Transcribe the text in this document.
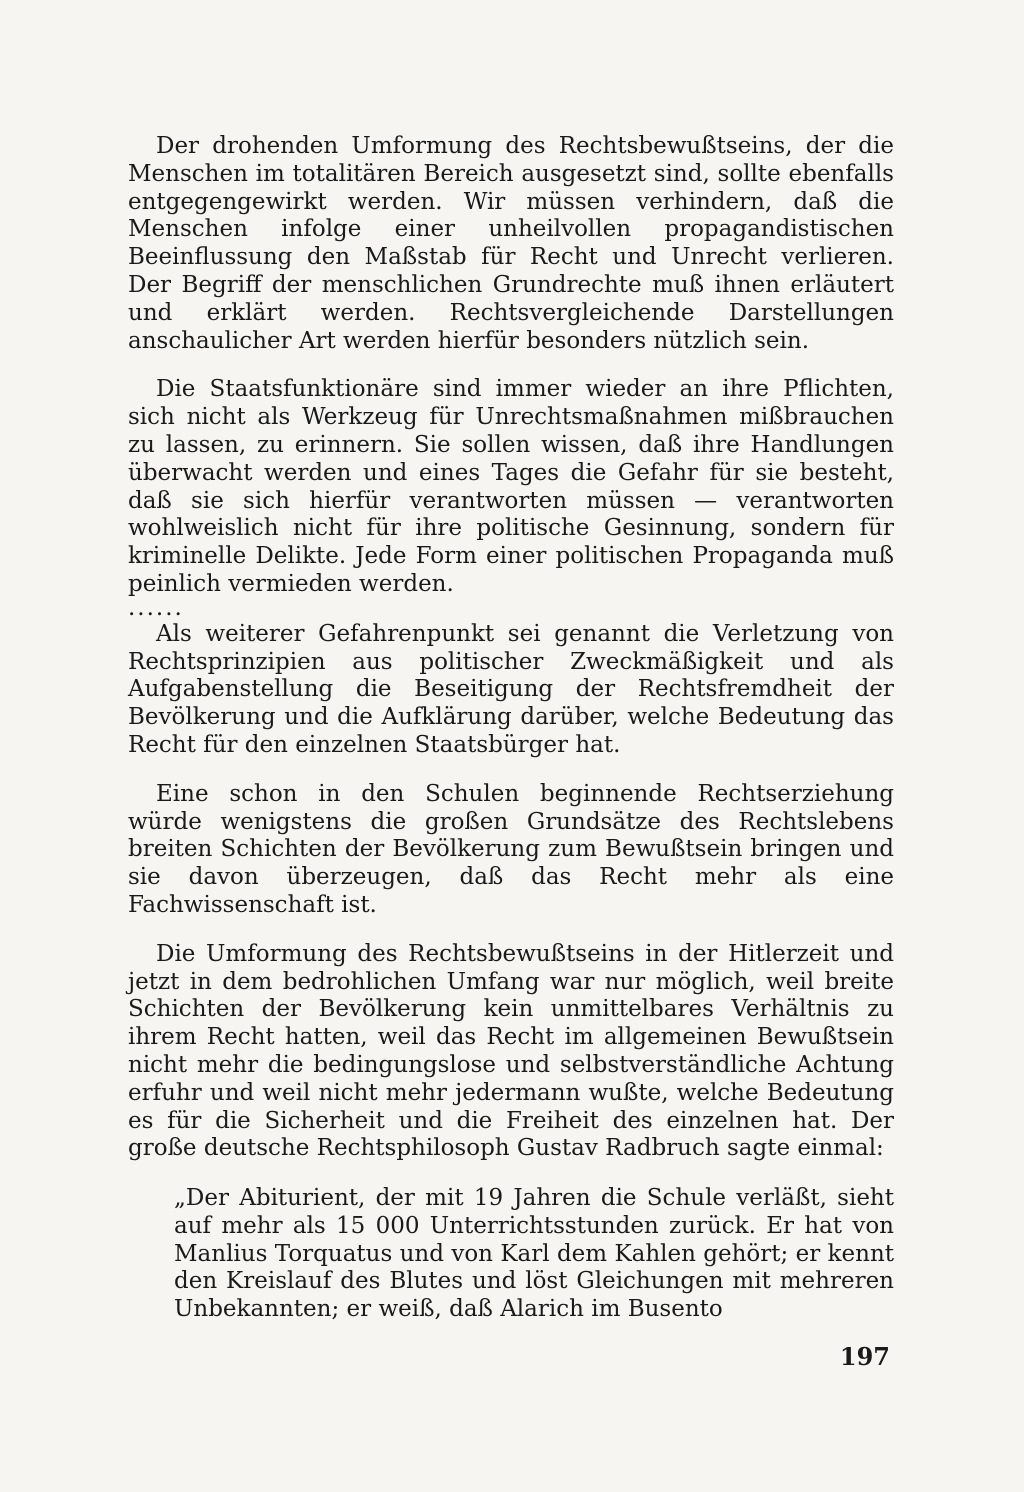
Der drohenden Umformung des Rechtsbewußtseins, der die Menschen im totalitären Bereich ausgesetzt sind, sollte ebenfalls entgegengewirkt werden. Wir müssen verhindern, daß die Menschen infolge einer unheilvollen propagandistischen Beeinflussung den Maßstab für Recht und Unrecht verlieren. Der Begriff der menschlichen Grundrechte muß ihnen erläutert und erklärt werden. Rechtsvergleichende Darstellungen anschaulicher Art werden hierfür besonders nützlich sein.

Die Staatsfunktionäre sind immer wieder an ihre Pflichten, sich nicht als Werkzeug für Unrechtsmaßnahmen mißbrauchen zu lassen, zu erinnern. Sie sollen wissen, daß ihre Handlungen überwacht werden und eines Tages die Gefahr für sie besteht, daß sie sich hierfür verantworten müssen — verantworten wohlweislich nicht für ihre politische Gesinnung, sondern für kriminelle Delikte. Jede Form einer politischen Propaganda muß peinlich vermieden werden.

......

Als weiterer Gefahrenpunkt sei genannt die Verletzung von Rechtsprinzipien aus politischer Zweckmäßigkeit und als Aufgabenstellung die Beseitigung der Rechtsfremdheit der Bevölkerung und die Aufklärung darüber, welche Bedeutung das Recht für den einzelnen Staatsbürger hat.

Eine schon in den Schulen beginnende Rechtserziehung würde wenigstens die großen Grundsätze des Rechtslebens breiten Schichten der Bevölkerung zum Bewußtsein bringen und sie davon überzeugen, daß das Recht mehr als eine Fachwissenschaft ist.

Die Umformung des Rechtsbewußtseins in der Hitlerzeit und jetzt in dem bedrohlichen Umfang war nur möglich, weil breite Schichten der Bevölkerung kein unmittelbares Verhältnis zu ihrem Recht hatten, weil das Recht im allgemeinen Bewußtsein nicht mehr die bedingungslose und selbstverständliche Achtung erfuhr und weil nicht mehr jedermann wußte, welche Bedeutung es für die Sicherheit und die Freiheit des einzelnen hat. Der große deutsche Rechtsphilosoph Gustav Radbruch sagte einmal:

„Der Abiturient, der mit 19 Jahren die Schule verläßt, sieht auf mehr als 15 000 Unterrichtsstunden zurück. Er hat von Manlius Torquatus und von Karl dem Kahlen gehört; er kennt den Kreislauf des Blutes und löst Gleichungen mit mehreren Unbekannten; er weiß, daß Alarich im Busento

197
